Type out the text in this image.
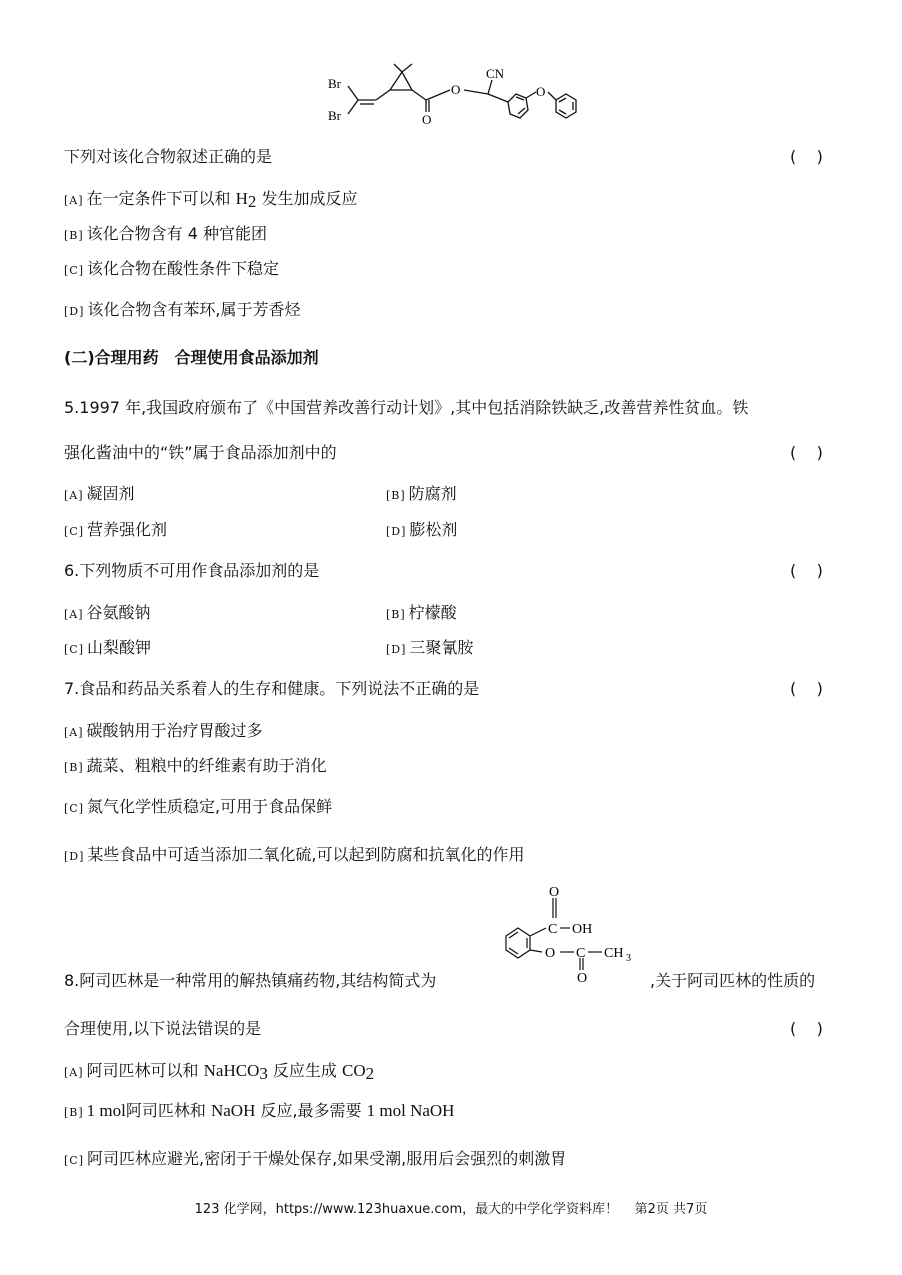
Br
Br	O
O
CN
O
下列对该化合物叙述正确的是	(    )
[A] 在一定条件下可以和 $H_2$ 发生加成反应
[B] 该化合物含有 4 种官能团
[C] 该化合物在酸性条件下稳定
[D] 该化合物含有苯环,属于芳香烃
(二)合理用药　合理使用食品添加剂
5.1997 年,我国政府颁布了《中国营养改善行动计划》,其中包括消除铁缺乏,改善营养性贫血。铁
强化酱油中的“铁”属于食品添加剂中的	(    )
[A] 凝固剂	[B] 防腐剂
[C] 营养强化剂	[D] 膨松剂
6.下列物质不可用作食品添加剂的是	(    )
[A] 谷氨酸钠	[B] 柠檬酸
[C] 山梨酸钾	[D] 三聚氰胺
7.食品和药品关系着人的生存和健康。下列说法不正确的是	(    )
[A] 碳酸钠用于治疗胃酸过多
[B] 蔬菜、粗粮中的纤维素有助于消化
[C] 氮气化学性质稳定,可用于食品保鲜
[D] 某些食品中可适当添加二氧化硫,可以起到防腐和抗氧化的作用
O
C OH
O C CH 3
O
8.阿司匹林是一种常用的解热镇痛药物,其结构简式为	,关于阿司匹林的性质的
合理使用,以下说法错误的是	(    )
[A] 阿司匹林可以和 NaHCO$_3$ 反应生成 $CO_2$
[B] 1 mol阿司匹林和 NaOH 反应,最多需要 1 mol NaOH
[C] 阿司匹林应避光,密闭于干燥处保存,如果受潮,服用后会强烈的刺激胃
123 化学网，https://www.123huaxue.com，最大的中学化学资料库！    第2页 共7页
